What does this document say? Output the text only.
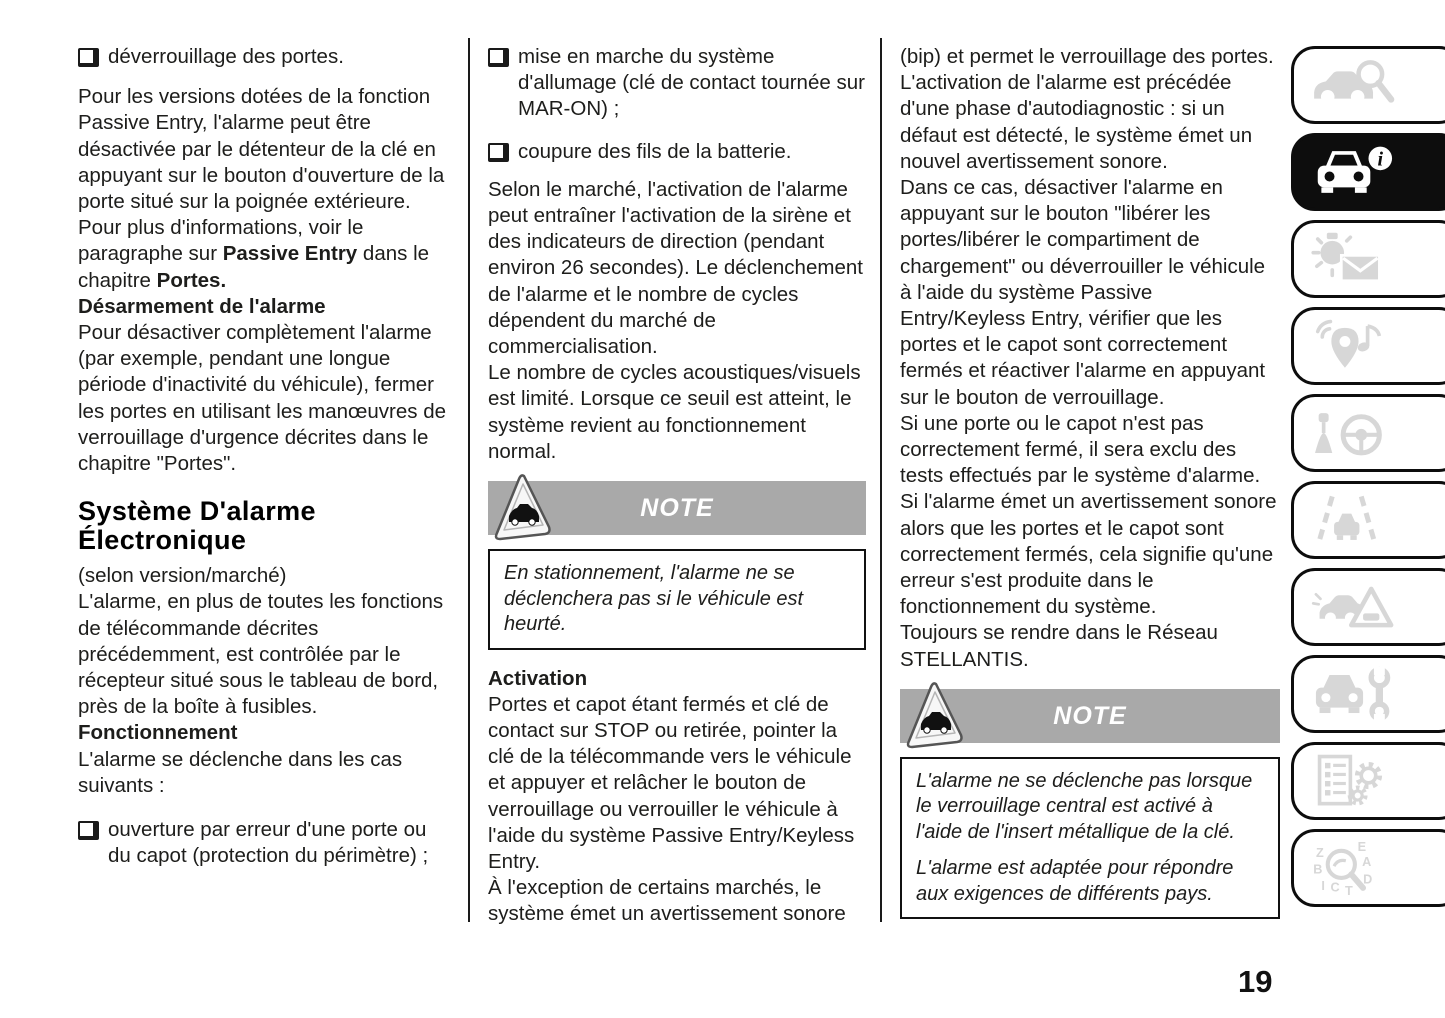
déverrouillage des portes.

Pour les versions dotées de la fonction Passive Entry, l'alarme peut être désactivée par le détenteur de la clé en appuyant sur le bouton d'ouverture de la porte situé sur la poignée extérieure. Pour plus d'informations, voir le paragraphe sur Passive Entry dans le chapitre Portes.

Désarmement de l'alarme
Pour désactiver complètement l'alarme (par exemple, pendant une longue période d'inactivité du véhicule), fermer les portes en utilisant les manœuvres de verrouillage d'urgence décrites dans le chapitre "Portes".

Système D'alarme Électronique

(selon version/marché)
L'alarme, en plus de toutes les fonctions de télécommande décrites précédemment, est contrôlée par le récepteur situé sous le tableau de bord, près de la boîte à fusibles.
Fonctionnement
L'alarme se déclenche dans les cas suivants :

ouverture par erreur d'une porte ou du capot (protection du périmètre) ;
mise en marche du système d'allumage (clé de contact tournée sur MAR-ON) ;
coupure des fils de la batterie.

Selon le marché, l'activation de l'alarme peut entraîner l'activation de la sirène et des indicateurs de direction (pendant environ 26 secondes). Le déclenchement de l'alarme et le nombre de cycles dépendent du marché de commercialisation.
Le nombre de cycles acoustiques/visuels est limité. Lorsque ce seuil est atteint, le système revient au fonctionnement normal.

NOTE
En stationnement, l'alarme ne se déclenchera pas si le véhicule est heurté.

Activation
Portes et capot étant fermés et clé de contact sur STOP ou retirée, pointer la clé de la télécommande vers le véhicule et appuyer et relâcher le bouton de verrouillage ou verrouiller le véhicule à l'aide du système Passive Entry/Keyless Entry.
À l'exception de certains marchés, le système émet un avertissement sonore

(bip) et permet le verrouillage des portes.
L'activation de l'alarme est précédée d'une phase d'autodiagnostic : si un défaut est détecté, le système émet un nouvel avertissement sonore.
Dans ce cas, désactiver l'alarme en appuyant sur le bouton "libérer les portes/libérer le compartiment de chargement" ou déverrouiller le véhicule à l'aide du système Passive Entry/Keyless Entry, vérifier que les portes et le capot sont correctement fermés et réactiver l'alarme en appuyant sur le bouton de verrouillage.
Si une porte ou le capot n'est pas correctement fermé, il sera exclu des tests effectués par le système d'alarme.
Si l'alarme émet un avertissement sonore alors que les portes et le capot sont correctement fermés, cela signifie qu'une erreur s'est produite dans le fonctionnement du système.
Toujours se rendre dans le Réseau STELLANTIS.

NOTE
L'alarme ne se déclenche pas lorsque le verrouillage central est activé à l'aide de l'insert métallique de la clé.
L'alarme est adaptée pour répondre aux exigences de différents pays.
i
Z
B
I C T
E
A
D
19
